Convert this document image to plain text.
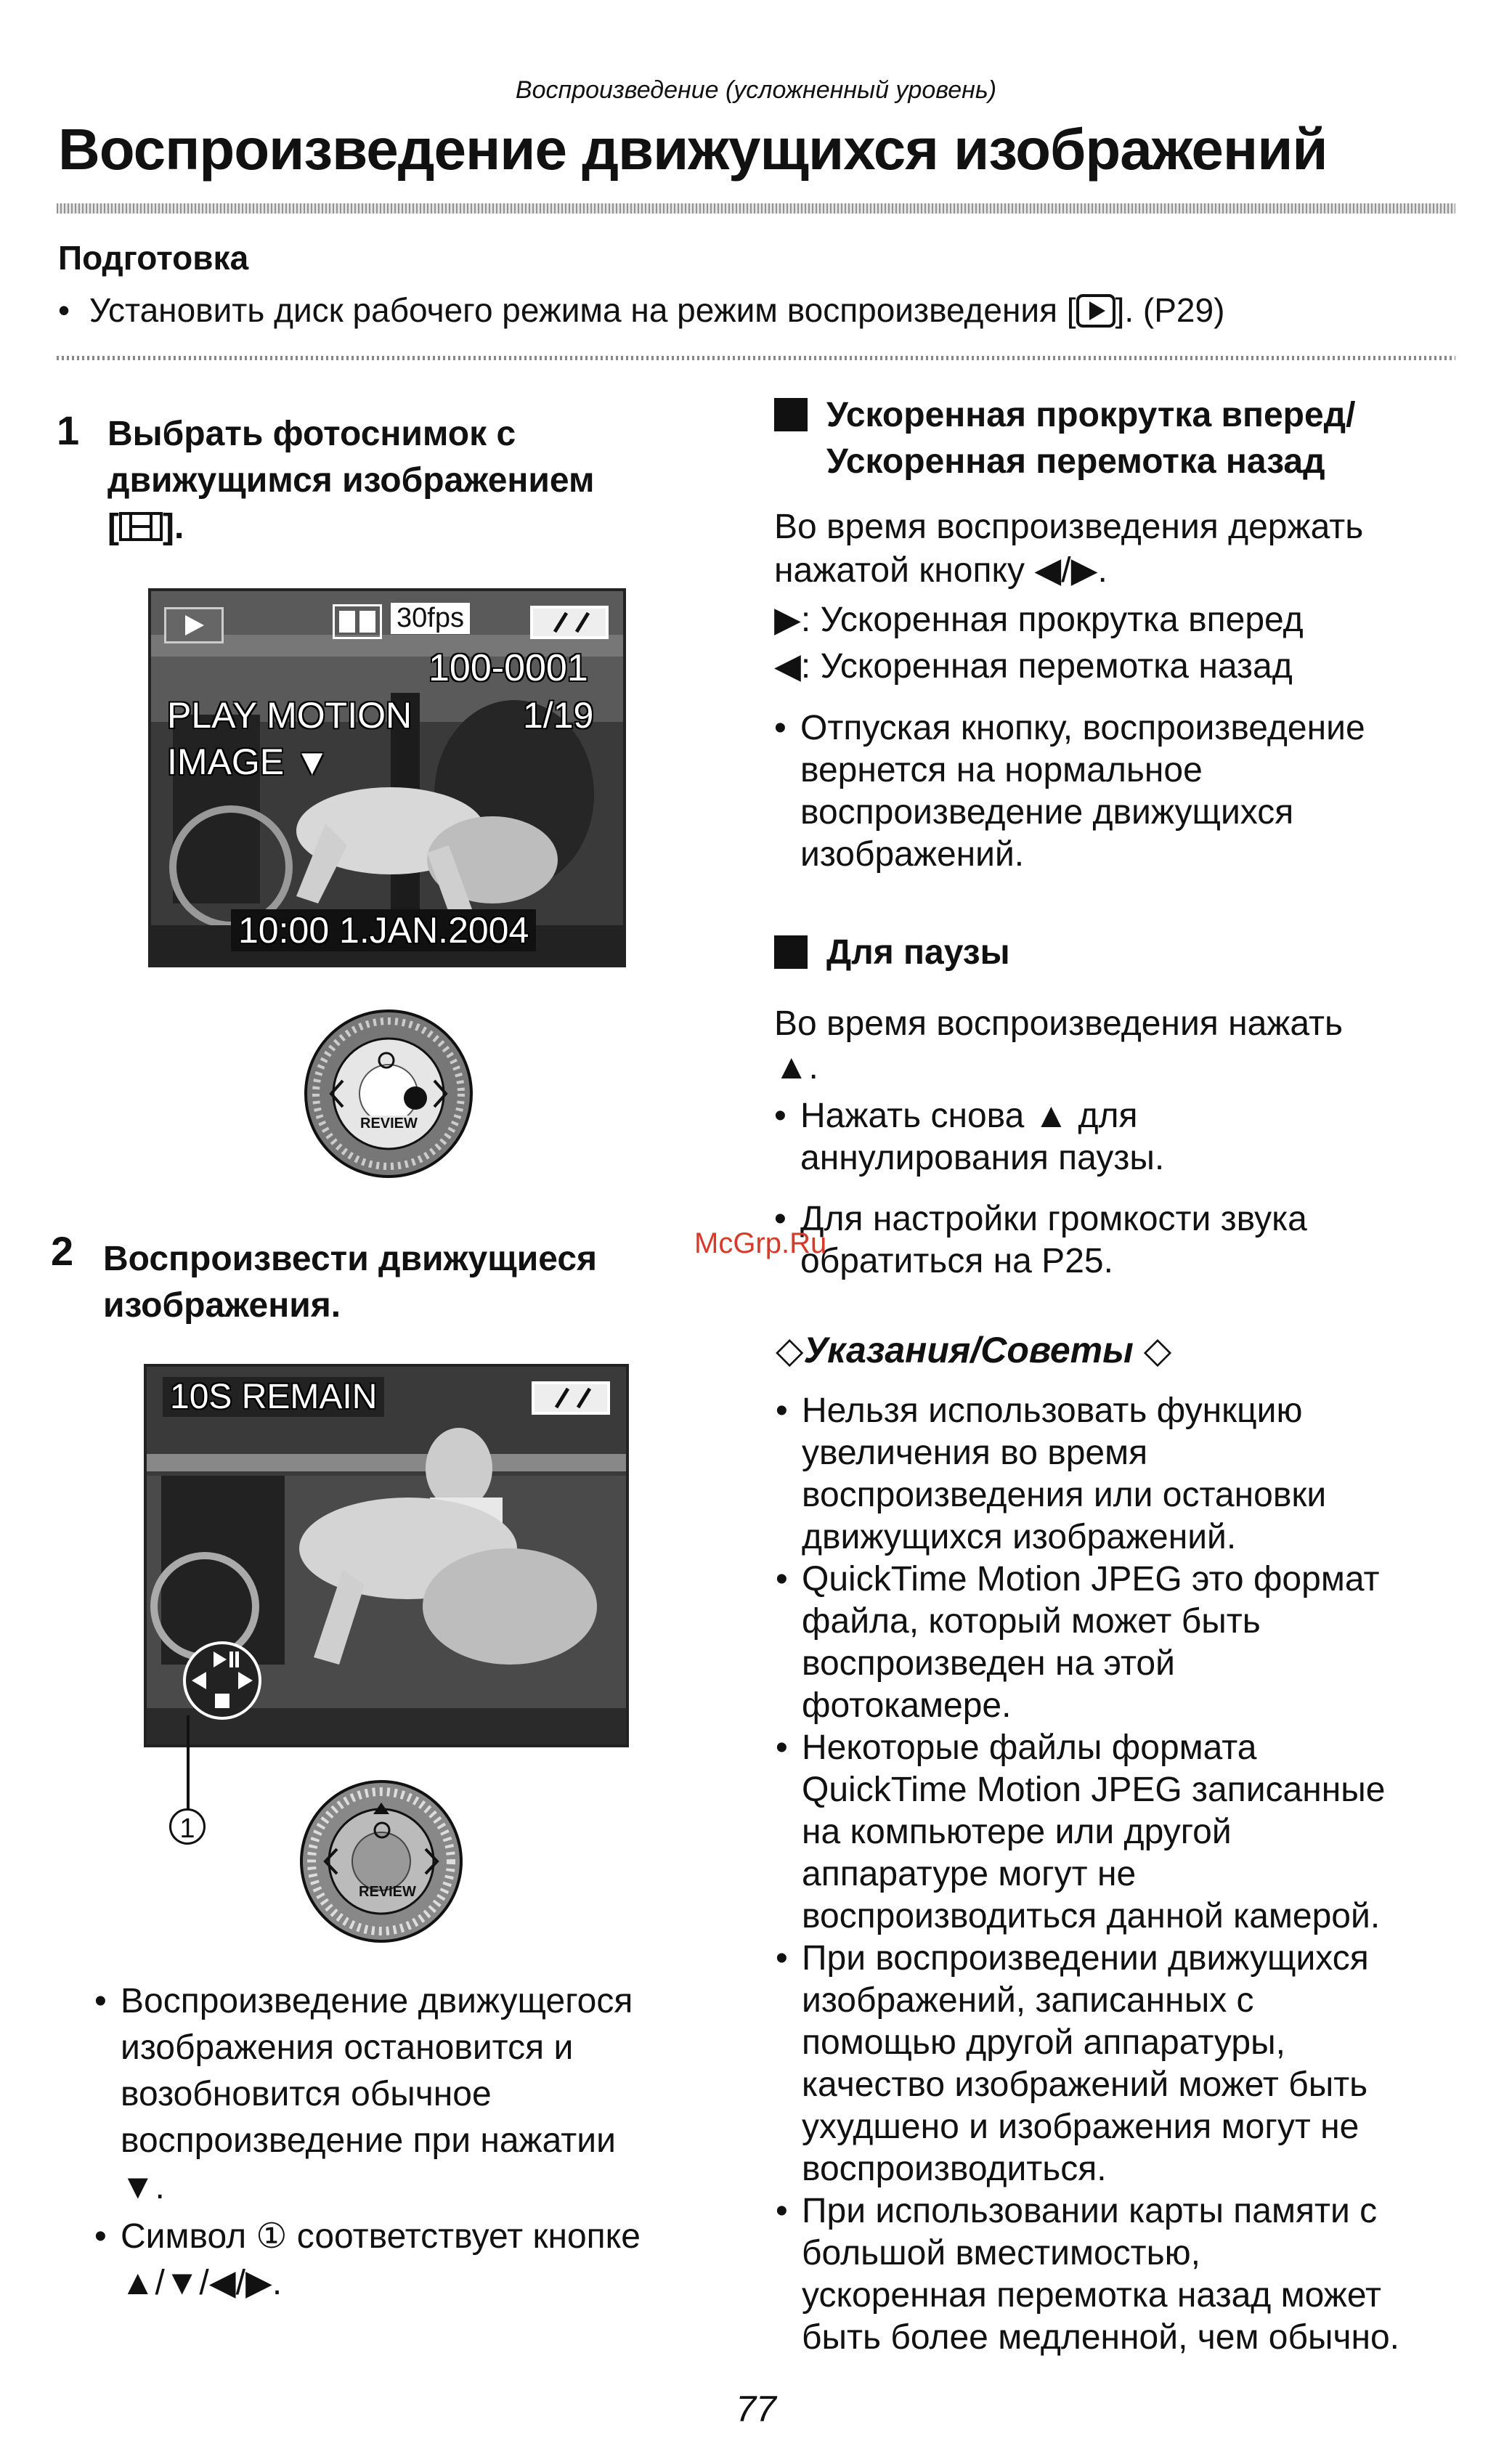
Воспроизведение (усложненный уровень)
Воспроизведение движущихся изображений
Подготовка
• Установить диск рабочего режима на режим воспроизведения [ ]. (P29)
1 Выбрать фотоснимок с
движущимся изображением
[ ].
30fps
100-0001
PLAY MOTION	1/19
IMAGE ▼
10:00 1.JAN.2004
REVIEW
2 Воспроизвести движущиеся
изображения.
10S REMAIN
1
REVIEW
• Воспроизведение движущегося
изображения остановится и
возобновится обычное
воспроизведение при нажатии
▼.
• Символ ① соответствует кнопке
▲/▼/◀/▶.
Ускоренная прокрутка вперед/
Ускоренная перемотка назад
Во время воспроизведения держать
нажатой кнопку ◀/▶.
▶: Ускоренная прокрутка вперед
◀: Ускоренная перемотка назад
• Отпуская кнопку, воспроизведение
вернется на нормальное
воспроизведение движущихся
изображений.
Для паузы
Во время воспроизведения нажать
▲.
• Нажать снова ▲ для
аннулирования паузы.
• Для настройки громкости звука
обратиться на P25.
◇Указания/Советы ◇
• Нельзя использовать функцию
увеличения во время
воспроизведения или остановки
движущихся изображений.
• QuickTime Motion JPEG это формат
файла, который может быть
воспроизведен на этой
фотокамере.
• Некоторые файлы формата
QuickTime Motion JPEG записанные
на компьютере или другой
аппаратуре могут не
воспроизводиться данной камерой.
• При воспроизведении движущихся
изображений, записанных с
помощью другой аппаратуры,
качество изображений может быть
ухудшено и изображения могут не
воспроизводиться.
• При использовании карты памяти с
большой вместимостью,
ускоренная перемотка назад может
быть более медленной, чем обычно.
McGrp.Ru
77
